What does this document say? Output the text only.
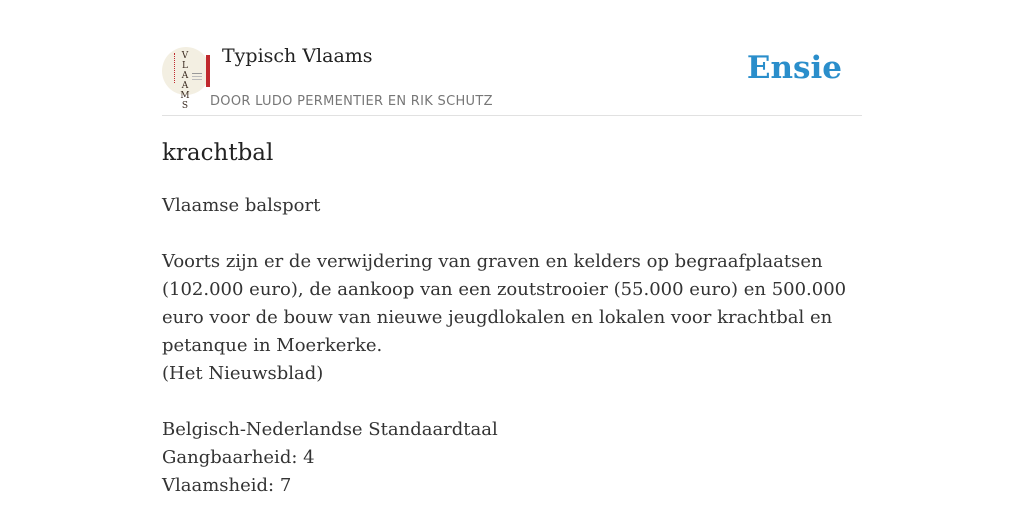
V
L
A
A
M
S
Typisch Vlaams
DOOR LUDO PERMENTIER EN RIK SCHUTZ
Ensie
krachtbal

Vlaamse balsport

Voorts zijn er de verwijdering van graven en kelders op begraafplaatsen (102.000 euro), de aankoop van een zoutstrooier (55.000 euro) en 500.000 euro voor de bouw van nieuwe jeugdlokalen en lokalen voor krachtbal en petanque in Moerkerke.

(Het Nieuwsblad)

Belgisch-Nederlandse Standaardtaal

Gangbaarheid: 4

Vlaamsheid: 7
